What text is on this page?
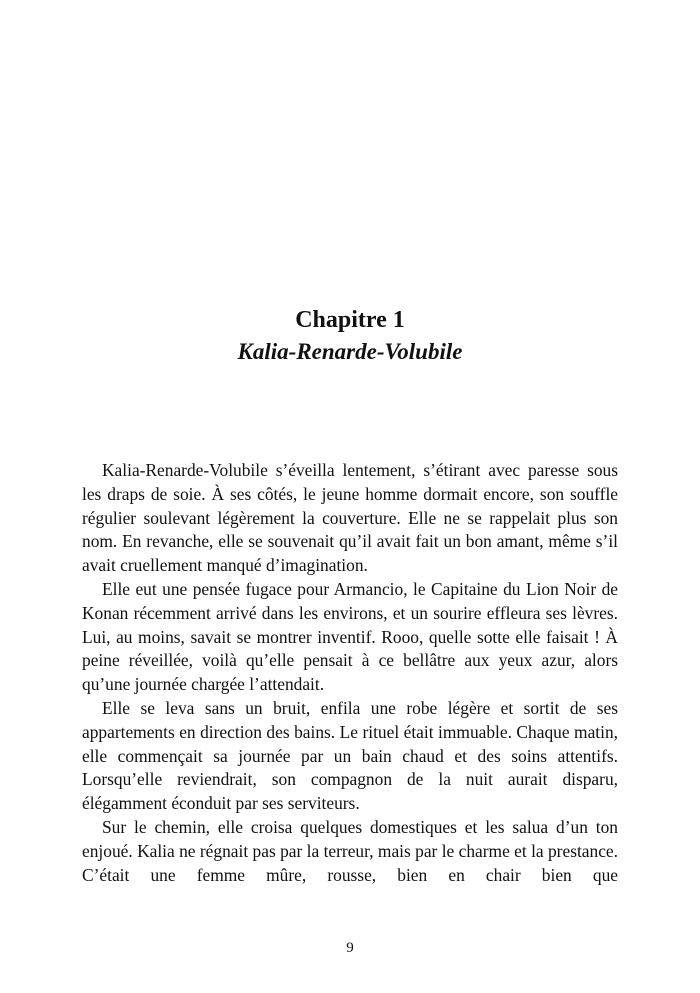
Chapitre 1
Kalia-Renarde-Volubile

Kalia-Renarde-Volubile s’éveilla lentement, s’étirant avec paresse sous les draps de soie. À ses côtés, le jeune homme dormait encore, son souffle régulier soulevant légèrement la couverture. Elle ne se rappelait plus son nom. En revanche, elle se souvenait qu’il avait fait un bon amant, même s’il avait cruellement manqué d’imagination.

Elle eut une pensée fugace pour Armancio, le Capitaine du Lion Noir de Konan récemment arrivé dans les environs, et un sourire effleura ses lèvres. Lui, au moins, savait se montrer inventif. Rooo, quelle sotte elle faisait ! À peine réveillée, voilà qu’elle pensait à ce bellâtre aux yeux azur, alors qu’une journée chargée l’attendait.

Elle se leva sans un bruit, enfila une robe légère et sortit de ses appartements en direction des bains. Le rituel était immuable. Chaque matin, elle commençait sa journée par un bain chaud et des soins attentifs. Lorsqu’elle reviendrait, son compagnon de la nuit aurait disparu, élégamment éconduit par ses serviteurs.

Sur le chemin, elle croisa quelques domestiques et les salua d’un ton enjoué. Kalia ne régnait pas par la terreur, mais par le charme et la prestance. C’était une femme mûre, rousse, bien en chair bien que

9
